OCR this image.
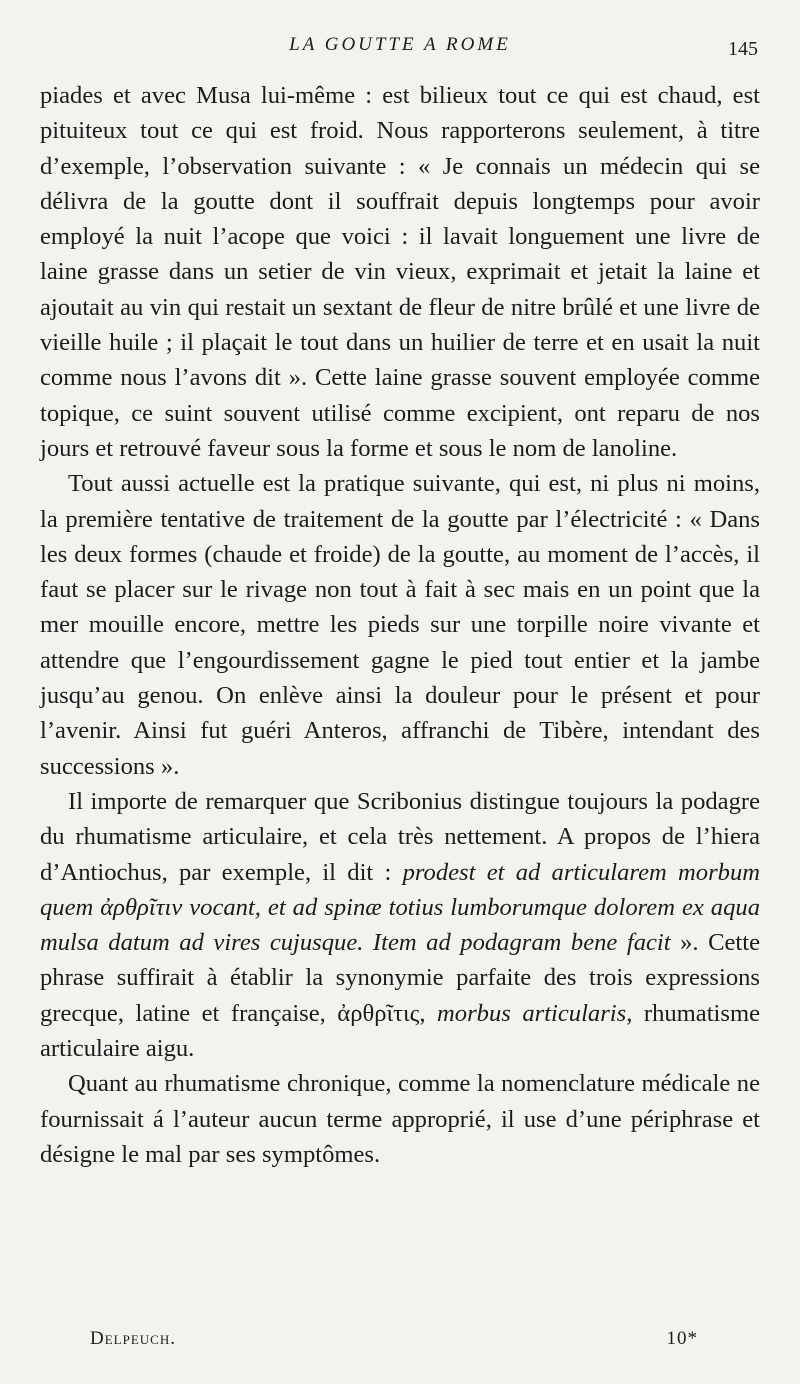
LA GOUTTE A ROME	145

piades et avec Musa lui-même : est bilieux tout ce qui est chaud, est pituiteux tout ce qui est froid. Nous rapporterons seulement, à titre d’exemple, l’observation suivante : « Je connais un médecin qui se délivra de la goutte dont il souffrait depuis longtemps pour avoir employé la nuit l’acope que voici : il lavait longuement une livre de laine grasse dans un setier de vin vieux, exprimait et jetait la laine et ajoutait au vin qui restait un sextant de fleur de nitre brûlé et une livre de vieille huile ; il plaçait le tout dans un huilier de terre et en usait la nuit comme nous l’avons dit ». Cette laine grasse souvent employée comme topique, ce suint souvent utilisé comme excipient, ont reparu de nos jours et retrouvé faveur sous la forme et sous le nom de lanoline.

Tout aussi actuelle est la pratique suivante, qui est, ni plus ni moins, la première tentative de traitement de la goutte par l’électricité : « Dans les deux formes (chaude et froide) de la goutte, au moment de l’accès, il faut se placer sur le rivage non tout à fait à sec mais en un point que la mer mouille encore, mettre les pieds sur une torpille noire vivante et attendre que l’engourdissement gagne le pied tout entier et la jambe jusqu’au genou. On enlève ainsi la douleur pour le présent et pour l’avenir. Ainsi fut guéri Anteros, affranchi de Tibère, intendant des successions ».

Il importe de remarquer que Scribonius distingue toujours la podagre du rhumatisme articulaire, et cela très nettement. A propos de l’hiera d’Antiochus, par exemple, il dit : prodest et ad articularem morbum quem ἀρθρῖτιν vocant, et ad spinæ totius lumborumque dolorem ex aqua mulsa datum ad vires cujusque. Item ad podagram bene facit ». Cette phrase suffirait à établir la synonymie parfaite des trois expressions grecque, latine et française, ἀρθρῖτις, morbus articularis, rhumatisme articulaire aigu.

Quant au rhumatisme chronique, comme la nomenclature médicale ne fournissait á l’auteur aucun terme approprié, il use d’une périphrase et désigne le mal par ses symptômes.

Delpeuch.	10*
